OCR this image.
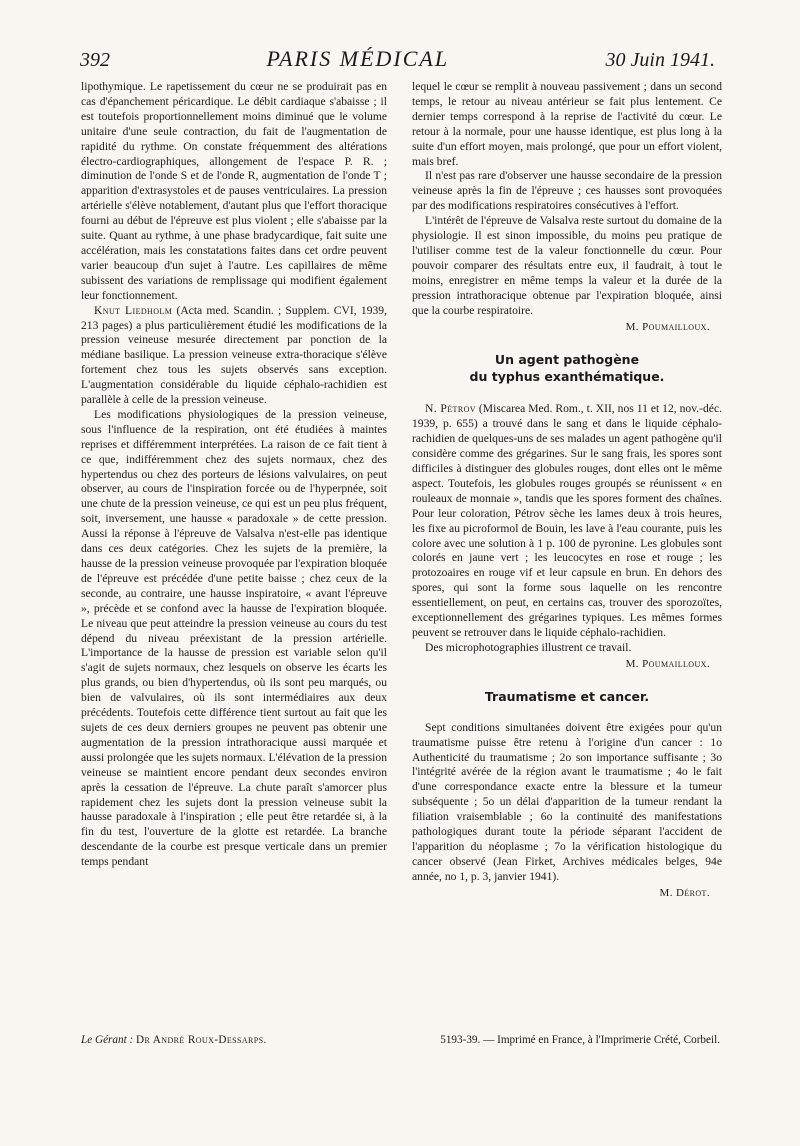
392	PARIS MÉDICAL	30 Juin 1941.

lipothymique. Le rapetissement du cœur ne se produirait pas en cas d'épanchement péricardique. Le débit cardiaque s'abaisse ; il est toutefois proportionnellement moins diminué que le volume unitaire d'une seule contraction, du fait de l'augmentation de rapidité du rythme. On constate fréquemment des altérations électro-cardiographiques, allongement de l'espace P. R. ; diminution de l'onde S et de l'onde R, augmentation de l'onde T ; apparition d'extrasystoles et de pauses ventriculaires. La pression artérielle s'élève notablement, d'autant plus que l'effort thoracique fourni au début de l'épreuve est plus violent ; elle s'abaisse par la suite. Quant au rythme, à une phase bradycardique, fait suite une accélération, mais les constatations faites dans cet ordre peuvent varier beaucoup d'un sujet à l'autre. Les capillaires de même subissent des variations de remplissage qui modifient également leur fonctionnement.

Knut Liedholm (Acta med. Scandin. ; Supplem. CVI, 1939, 213 pages) a plus particulièrement étudié les modifications de la pression veineuse mesurée directement par ponction de la médiane basilique. La pression veineuse extra-thoracique s'élève fortement chez tous les sujets observés sans exception. L'augmentation considérable du liquide céphalo-rachidien est parallèle à celle de la pression veineuse.

Les modifications physiologiques de la pression veineuse, sous l'influence de la respiration, ont été étudiées à maintes reprises et différemment interprétées. La raison de ce fait tient à ce que, indifféremment chez des sujets normaux, chez des hypertendus ou chez des porteurs de lésions valvulaires, on peut observer, au cours de l'inspiration forcée ou de l'hyperpnée, soit une chute de la pression veineuse, ce qui est un peu plus fréquent, soit, inversement, une hausse « paradoxale » de cette pression. Aussi la réponse à l'épreuve de Valsalva n'est-elle pas identique dans ces deux catégories. Chez les sujets de la première, la hausse de la pression veineuse provoquée par l'expiration bloquée de l'épreuve est précédée d'une petite baisse ; chez ceux de la seconde, au contraire, une hausse inspiratoire, « avant l'épreuve », précède et se confond avec la hausse de l'expiration bloquée. Le niveau que peut atteindre la pression veineuse au cours du test dépend du niveau préexistant de la pression artérielle. L'importance de la hausse de pression est variable selon qu'il s'agit de sujets normaux, chez lesquels on observe les écarts les plus grands, ou bien d'hypertendus, où ils sont peu marqués, ou bien de valvulaires, où ils sont intermédiaires aux deux précédents. Toutefois cette différence tient surtout au fait que les sujets de ces deux derniers groupes ne peuvent pas obtenir une augmentation de la pression intrathoracique aussi marquée et aussi prolongée que les sujets normaux. L'élévation de la pression veineuse se maintient encore pendant deux secondes environ après la cessation de l'épreuve. La chute paraît s'amorcer plus rapidement chez les sujets dont la pression veineuse subit la hausse paradoxale à l'inspiration ; elle peut être retardée si, à la fin du test, l'ouverture de la glotte est retardée. La branche descendante de la courbe est presque verticale dans un premier temps pendant

lequel le cœur se remplit à nouveau passivement ; dans un second temps, le retour au niveau antérieur se fait plus lentement. Ce dernier temps correspond à la reprise de l'activité du cœur. Le retour à la normale, pour une hausse identique, est plus long à la suite d'un effort moyen, mais prolongé, que pour un effort violent, mais bref.

Il n'est pas rare d'observer une hausse secondaire de la pression veineuse après la fin de l'épreuve ; ces hausses sont provoquées par des modifications respiratoires consécutives à l'effort.

L'intérêt de l'épreuve de Valsalva reste surtout du domaine de la physiologie. Il est sinon impossible, du moins peu pratique de l'utiliser comme test de la valeur fonctionnelle du cœur. Pour pouvoir comparer des résultats entre eux, il faudrait, à tout le moins, enregistrer en même temps la valeur et la durée de la pression intrathoracique obtenue par l'expiration bloquée, ainsi que la courbe respiratoire.

M. Poumailloux.
Un agent pathogène
du typhus exanthématique.

N. Pétrov (Miscarea Med. Rom., t. XII, nos 11 et 12, nov.-déc. 1939, p. 655) a trouvé dans le sang et dans le liquide céphalo-rachidien de quelques-uns de ses malades un agent pathogène qu'il considère comme des grégarines. Sur le sang frais, les spores sont difficiles à distinguer des globules rouges, dont elles ont le même aspect. Toutefois, les globules rouges groupés se réunissent « en rouleaux de monnaie », tandis que les spores forment des chaînes. Pour leur coloration, Pétrov sèche les lames deux à trois heures, les fixe au picroformol de Bouin, les lave à l'eau courante, puis les colore avec une solution à 1 p. 100 de pyronine. Les globules sont colorés en jaune vert ; les leucocytes en rose et rouge ; les protozoaires en rouge vif et leur capsule en brun. En dehors des spores, qui sont la forme sous laquelle on les rencontre essentiellement, on peut, en certains cas, trouver des sporozoïtes, exceptionnellement des grégarines typiques. Les mêmes formes peuvent se retrouver dans le liquide céphalo-rachidien.

Des microphotographies illustrent ce travail.

M. Poumailloux.
Traumatisme et cancer.

Sept conditions simultanées doivent être exigées pour qu'un traumatisme puisse être retenu à l'origine d'un cancer : 1o Authenticité du traumatisme ; 2o son importance suffisante ; 3o l'intégrité avérée de la région avant le traumatisme ; 4o le fait d'une correspondance exacte entre la blessure et la tumeur subséquente ; 5o un délai d'apparition de la tumeur rendant la filiation vraisemblable ; 6o la continuité des manifestations pathologiques durant toute la période séparant l'accident de l'apparition du néoplasme ; 7o la vérification histologique du cancer observé (Jean Firket, Archives médicales belges, 94e année, no 1, p. 3, janvier 1941).

M. Dérot.
Le Gérant : Dr André Roux-Dessarps.	5193-39. — Imprimé en France, à l'Imprimerie Crété, Corbeil.
